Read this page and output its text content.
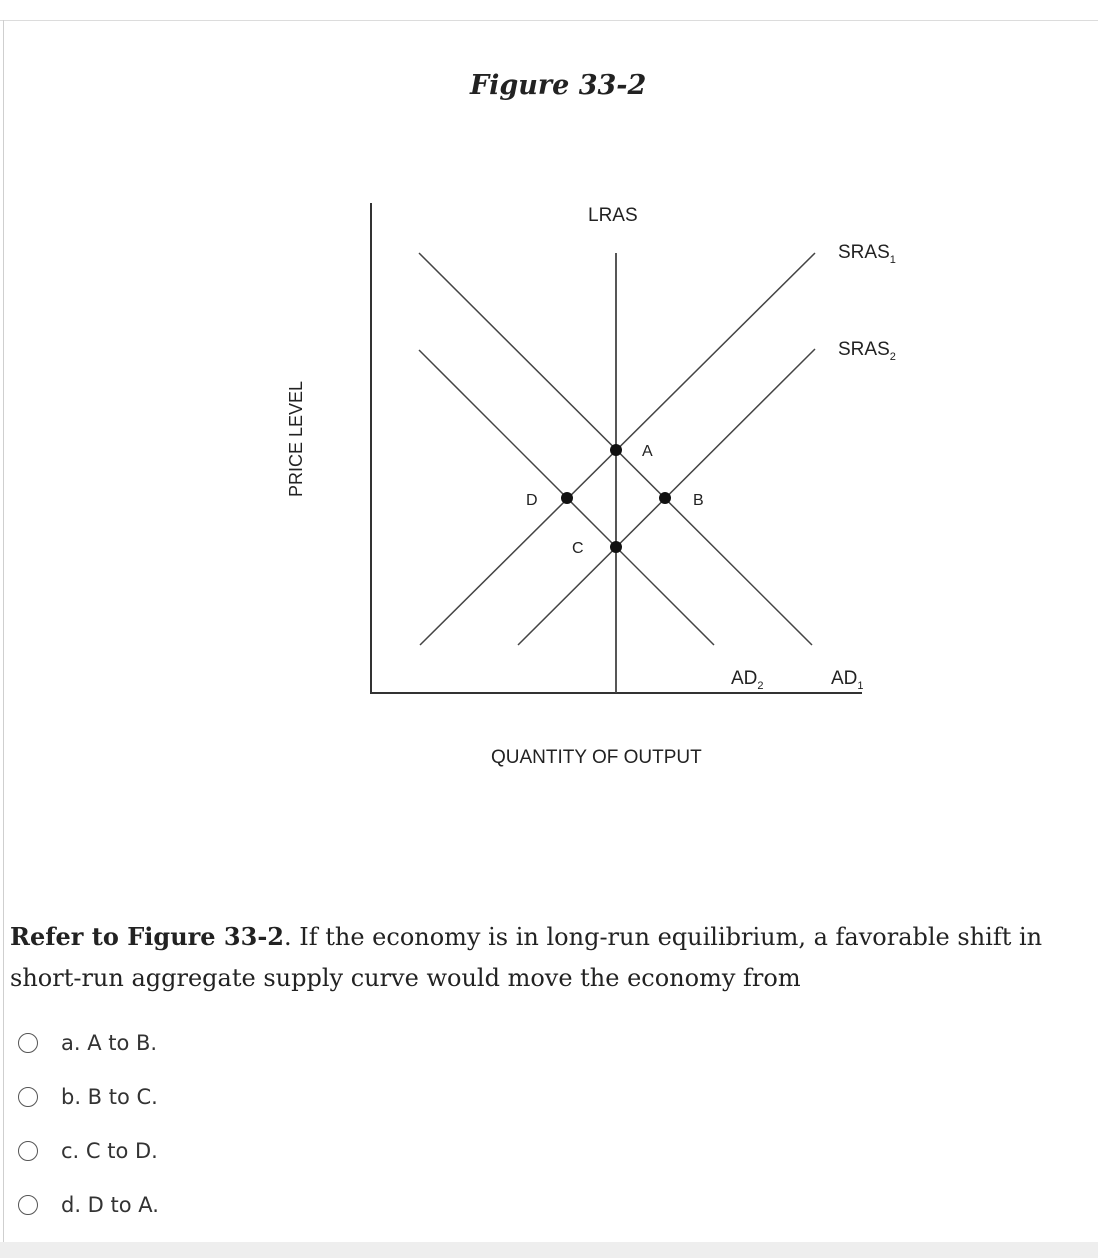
Figure 33-2
LRAS
$SRAS_1$
$SRAS_2$
$AD_2$	$AD_1$
A
B
C
D
PRICE LEVEL
QUANTITY OF OUTPUT
Refer to Figure 33-2. If the economy is in long-run equilibrium, a favorable shift in short-run aggregate supply curve would move the economy from
a. A to B.
b. B to C.
c. C to D.
d. D to A.
